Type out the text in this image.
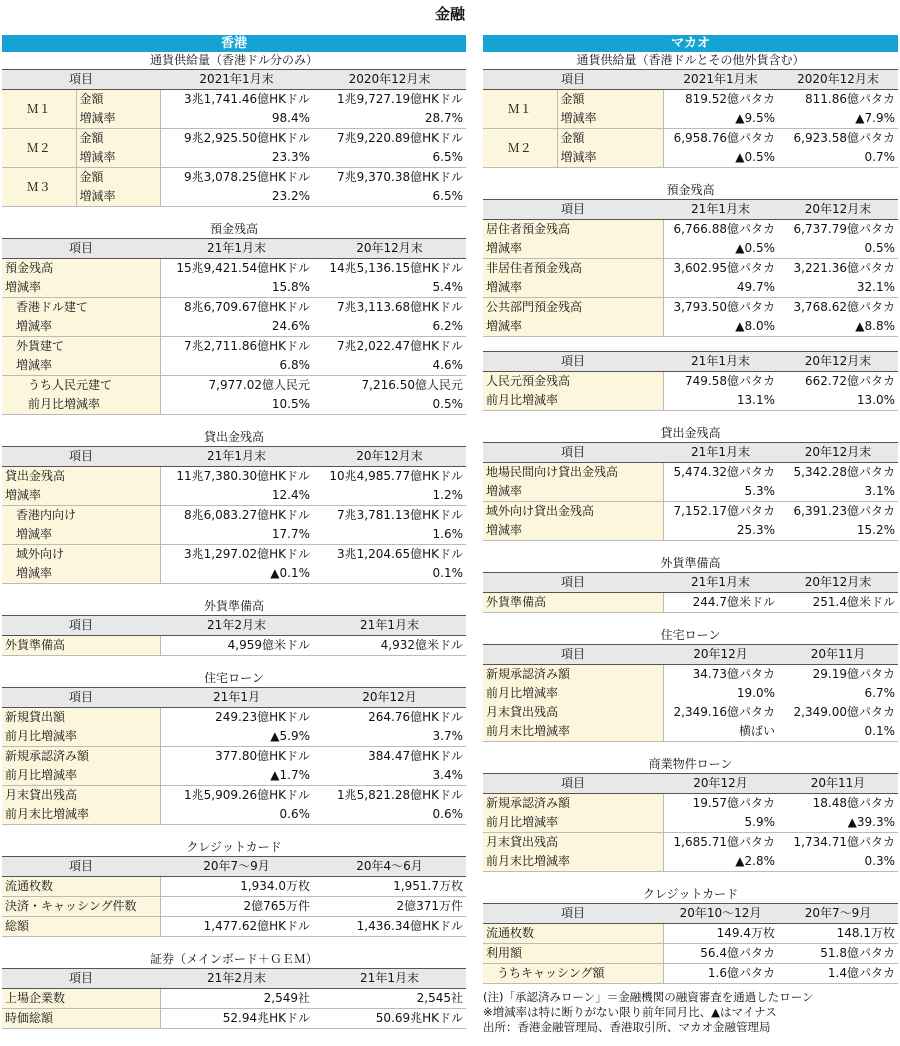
金融
香港
通貨供給量（香港ドル分のみ）
項目		2021年1月末	2020年12月末
Ｍ１	金額	3兆1,741.46億HKドル	1兆9,727.19億HKドル
	増減率	98.4%	28.7%
Ｍ２	金額	9兆2,925.50億HKドル	7兆9,220.89億HKドル
	増減率	23.3%	6.5%
Ｍ３	金額	9兆3,078.25億HKドル	7兆9,370.38億HKドル
	増減率	23.2%	6.5%
預金残高
項目	21年1月末	20年12月末
預金残高	15兆9,421.54億HKドル	14兆5,136.15億HKドル
増減率	15.8%	5.4%
香港ドル建て	8兆6,709.67億HKドル	7兆3,113.68億HKドル
増減率	24.6%	6.2%
外貨建て	7兆2,711.86億HKドル	7兆2,022.47億HKドル
増減率	6.8%	4.6%
うち人民元建て	7,977.02億人民元	7,216.50億人民元
前月比増減率	10.5%	0.5%
貸出金残高
項目	21年1月末	20年12月末
貸出金残高	11兆7,380.30億HKドル	10兆4,985.77億HKドル
増減率	12.4%	1.2%
香港内向け	8兆6,083.27億HKドル	7兆3,781.13億HKドル
増減率	17.7%	1.6%
域外向け	3兆1,297.02億HKドル	3兆1,204.65億HKドル
増減率	▲0.1%	0.1%
外貨準備高
項目	21年2月末	21年1月末
外貨準備高	4,959億米ドル	4,932億米ドル
住宅ローン
項目	21年1月	20年12月
新規貸出額	249.23億HKドル	264.76億HKドル
前月比増減率	▲5.9%	3.7%
新規承認済み額	377.80億HKドル	384.47億HKドル
前月比増減率	▲1.7%	3.4%
月末貸出残高	1兆5,909.26億HKドル	1兆5,821.28億HKドル
前月末比増減率	0.6%	0.6%
クレジットカード
項目	20年7〜9月	20年4〜6月
流通枚数	1,934.0万枚	1,951.7万枚
決済・キャッシング件数	2億765万件	2億371万件
総額	1,477.62億HKドル	1,436.34億HKドル
証券（メインボード＋ＧＥＭ）
項目	21年2月末	21年1月末
上場企業数	2,549社	2,545社
時価総額	52.94兆HKドル	50.69兆HKドル
マカオ
通貨供給量（香港ドルとその他外貨含む）
項目		2021年1月末	2020年12月末
Ｍ１	金額	819.52億パタカ	811.86億パタカ
	増減率	▲9.5%	▲7.9%
Ｍ２	金額	6,958.76億パタカ	6,923.58億パタカ
	増減率	▲0.5%	0.7%
預金残高
項目	21年1月末	20年12月末
居住者預金残高	6,766.88億パタカ	6,737.79億パタカ
増減率	▲0.5%	0.5%
非居住者預金残高	3,602.95億パタカ	3,221.36億パタカ
増減率	49.7%	32.1%
公共部門預金残高	3,793.50億パタカ	3,768.62億パタカ
増減率	▲8.0%	▲8.8%
項目	21年1月末	20年12月末
人民元預金残高	749.58億パタカ	662.72億パタカ
前月比増減率	13.1%	13.0%
貸出金残高
項目	21年1月末	20年12月末
地場民間向け貸出金残高	5,474.32億パタカ	5,342.28億パタカ
増減率	5.3%	3.1%
域外向け貸出金残高	7,152.17億パタカ	6,391.23億パタカ
増減率	25.3%	15.2%
外貨準備高
項目	21年1月末	20年12月末
外貨準備高	244.7億米ドル	251.4億米ドル
住宅ローン
項目	20年12月	20年11月
新規承認済み額	34.73億パタカ	29.19億パタカ
前月比増減率	19.0%	6.7%
月末貸出残高	2,349.16億パタカ	2,349.00億パタカ
前月末比増減率	横ばい	0.1%
商業物件ローン
項目	20年12月	20年11月
新規承認済み額	19.57億パタカ	18.48億パタカ
前月比増減率	5.9%	▲39.3%
月末貸出残高	1,685.71億パタカ	1,734.71億パタカ
前月末比増減率	▲2.8%	0.3%
クレジットカード
項目	20年10〜12月	20年7〜9月
流通枚数	149.4万枚	148.1万枚
利用額	56.4億パタカ	51.8億パタカ
うちキャッシング額	1.6億パタカ	1.4億パタカ
(注)「承認済みローン」＝金融機関の融資審査を通過したローン
※増減率は特に断りがない限り前年同月比、▲はマイナス
出所：香港金融管理局、香港取引所、マカオ金融管理局
